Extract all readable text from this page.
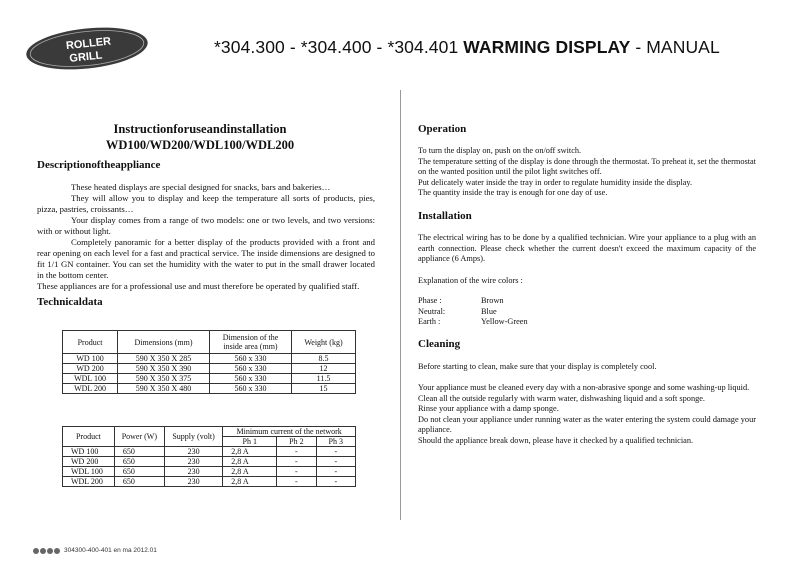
ROLLER
GRILL
*304.300 - *304.400 - *304.401 WARMING DISPLAY - MANUAL
Instructionforuseandinstallation
WD100/WD200/WDL100/WDL200
Descriptionoftheappliance

These heated displays are special designed for snacks, bars and bakeries…

They will allow you to display and keep the temperature all sorts of products, pies, pizza, pastries, croissants…

Your display comes from a range of two models: one or two levels, and two versions: with or without light.

Completely panoramic for a better display of the products provided with a front and rear opening on each level for a fast and practical service. The inside dimensions are designed to fit 1/1 GN container. You can set the humidity with the water to put in the small drawer located in the bottom center.

These appliances are for a professional use and must therefore be operated by qualified staff.

Technicaldata
Product	Dimensions (mm)	Dimension of the inside area (mm)	Weight (kg)
WD 100	590 X 350 X 285	560 x 330	8.5
WD 200	590 X 350 X 390	560 x 330	12
WDL 100	590 X 350 X 375	560 x 330	11.5
WDL 200	590 X 350 X 480	560 x 330	15
Product	Power (W)	Supply (volt)	Minimum current of the network		
			Ph 1	Ph 2	Ph 3
WD 100	650	230	2,8 A	-	-
WD 200	650	230	2,8 A	-	-
WDL 100	650	230	2,8 A	-	-
WDL 200	650	230	2,8 A	-	-
Operation

To turn the display on, push on the on/off switch.

The temperature setting of the display is done through the thermostat. To preheat it, set the thermostat on the wanted position until the pilot light switches off.

Put delicately water inside the tray in order to regulate humidity inside the display.

The quantity inside the tray is enough for one day of use.

Installation

The electrical wiring has to be done by a qualified technician. Wire your appliance to a plug with an earth connection. Please check whether the current doesn't exceed the maximum capacity of the appliance (6 Amps).

Explanation of the wire colors :
Phase :	Brown
Neutral:	Blue
Earth :	Yellow-Green
Cleaning
Before starting to clean, make sure that your display is completely cool.

Your appliance must be cleaned every day with a non-abrasive sponge and some washing-up liquid.

Clean all the outside regularly with warm water, dishwashing liquid and a soft sponge.

Rinse your appliance with a damp sponge.

Do not clean your appliance under running water as the water entering the system could damage your appliance.

Should the appliance break down, please have it checked by a qualified technician.

304300-400-401 en ma 2012.01
